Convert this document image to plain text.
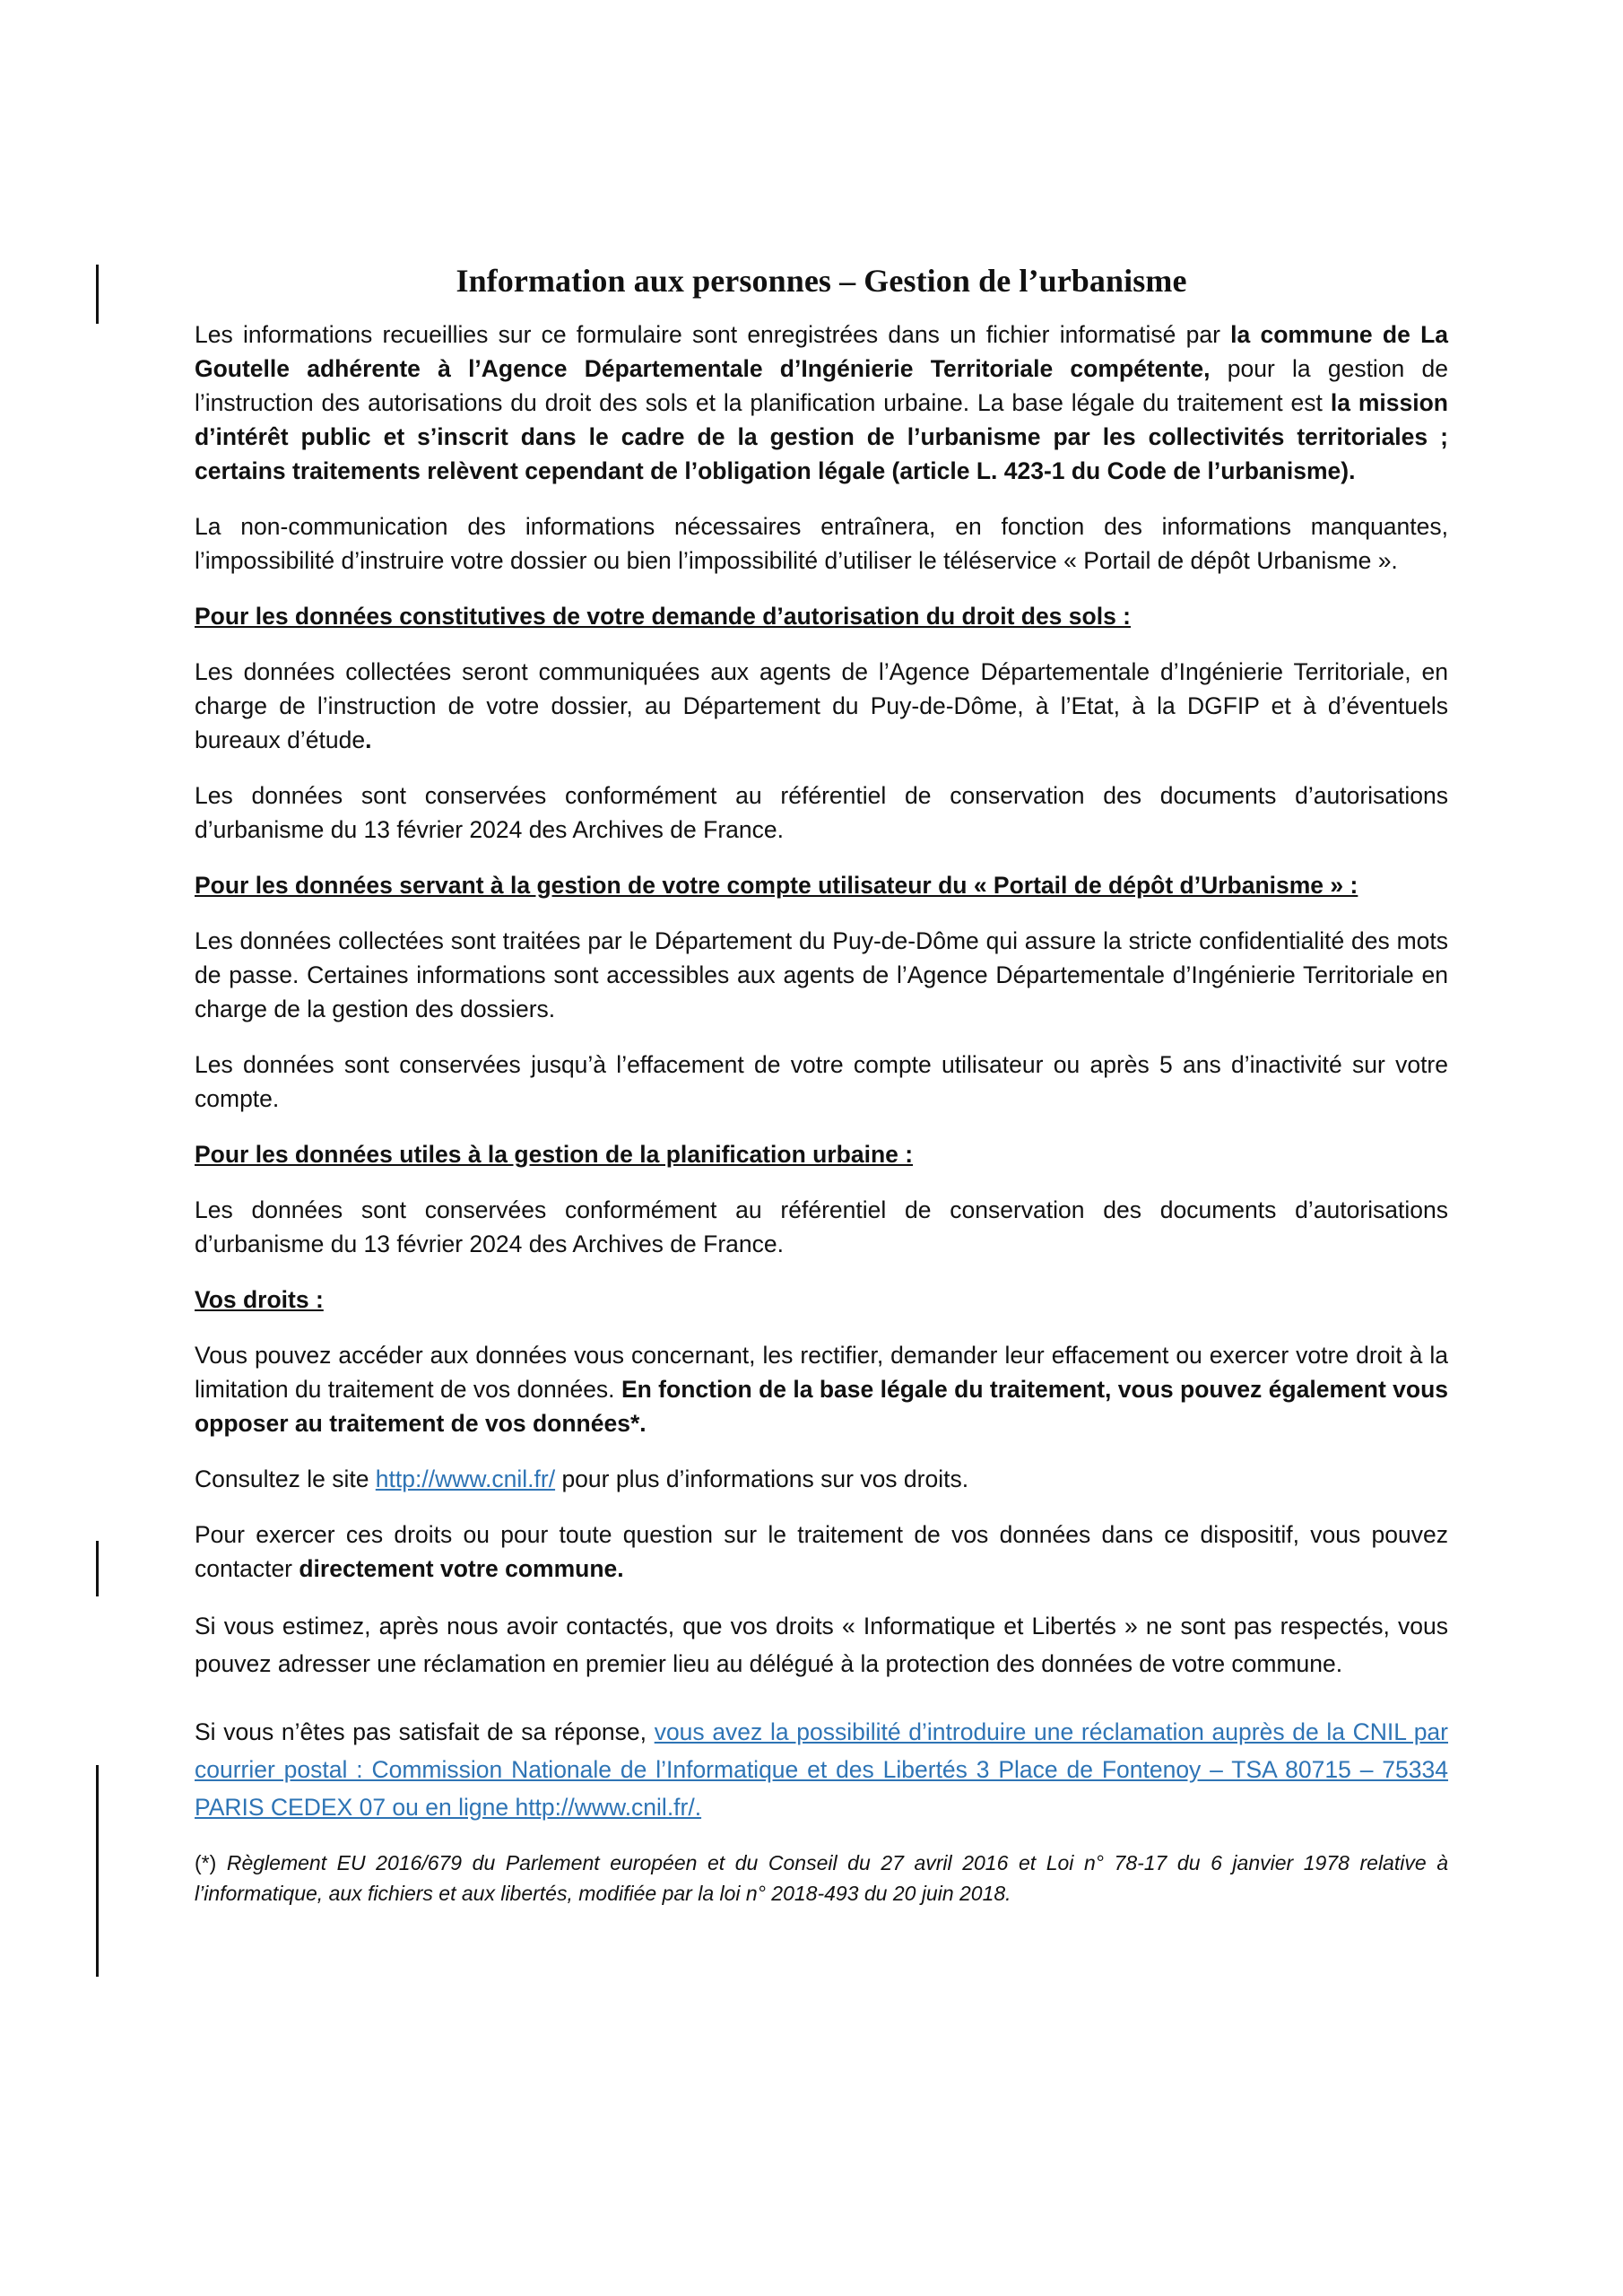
Information aux personnes – Gestion de l’urbanisme

Les informations recueillies sur ce formulaire sont enregistrées dans un fichier informatisé par la commune de La Goutelle adhérente à l’Agence Départementale d’Ingénierie Territoriale compétente, pour la gestion de l’instruction des autorisations du droit des sols et la planification urbaine. La base légale du traitement est la mission d’intérêt public et s’inscrit dans le cadre de la gestion de l’urbanisme par les collectivités territoriales ; certains traitements relèvent cependant de l’obligation légale (article L. 423-1 du Code de l’urbanisme).

La non-communication des informations nécessaires entraînera, en fonction des informations manquantes, l’impossibilité d’instruire votre dossier ou bien l’impossibilité d’utiliser le téléservice « Portail de dépôt Urbanisme ».

Pour les données constitutives de votre demande d’autorisation du droit des sols :

Les données collectées seront communiquées aux agents de l’Agence Départementale d’Ingénierie Territoriale, en charge de l’instruction de votre dossier, au Département du Puy-de-Dôme, à l’Etat, à la DGFIP et à d’éventuels bureaux d’étude.

Les données sont conservées conformément au référentiel de conservation des documents d’autorisations d’urbanisme du 13 février 2024 des Archives de France.

Pour les données servant à la gestion de votre compte utilisateur du « Portail de dépôt d’Urbanisme » :

Les données collectées sont traitées par le Département du Puy-de-Dôme qui assure la stricte confidentialité des mots de passe. Certaines informations sont accessibles aux agents de l’Agence Départementale d’Ingénierie Territoriale en charge de la gestion des dossiers.

Les données sont conservées jusqu’à l’effacement de votre compte utilisateur ou après 5 ans d’inactivité sur votre compte.

Pour les données utiles à la gestion de la planification urbaine :

Les données sont conservées conformément au référentiel de conservation des documents d’autorisations d’urbanisme du 13 février 2024 des Archives de France.

Vos droits :

Vous pouvez accéder aux données vous concernant, les rectifier, demander leur effacement ou exercer votre droit à la limitation du traitement de vos données. En fonction de la base légale du traitement, vous pouvez également vous opposer au traitement de vos données*.

Consultez le site http://www.cnil.fr/ pour plus d’informations sur vos droits.

Pour exercer ces droits ou pour toute question sur le traitement de vos données dans ce dispositif, vous pouvez contacter directement votre commune.

Si vous estimez, après nous avoir contactés, que vos droits « Informatique et Libertés » ne sont pas respectés, vous pouvez adresser une réclamation en premier lieu au délégué à la protection des données de votre commune.

Si vous n’êtes pas satisfait de sa réponse, vous avez la possibilité d’introduire une réclamation auprès de la CNIL par courrier postal : Commission Nationale de l’Informatique et des Libertés 3 Place de Fontenoy – TSA 80715 – 75334 PARIS CEDEX 07 ou en ligne http://www.cnil.fr/.

(*) Règlement EU 2016/679 du Parlement européen et du Conseil du 27 avril 2016 et Loi n° 78-17 du 6 janvier 1978 relative à l’informatique, aux fichiers et aux libertés, modifiée par la loi n° 2018-493 du 20 juin 2018.
